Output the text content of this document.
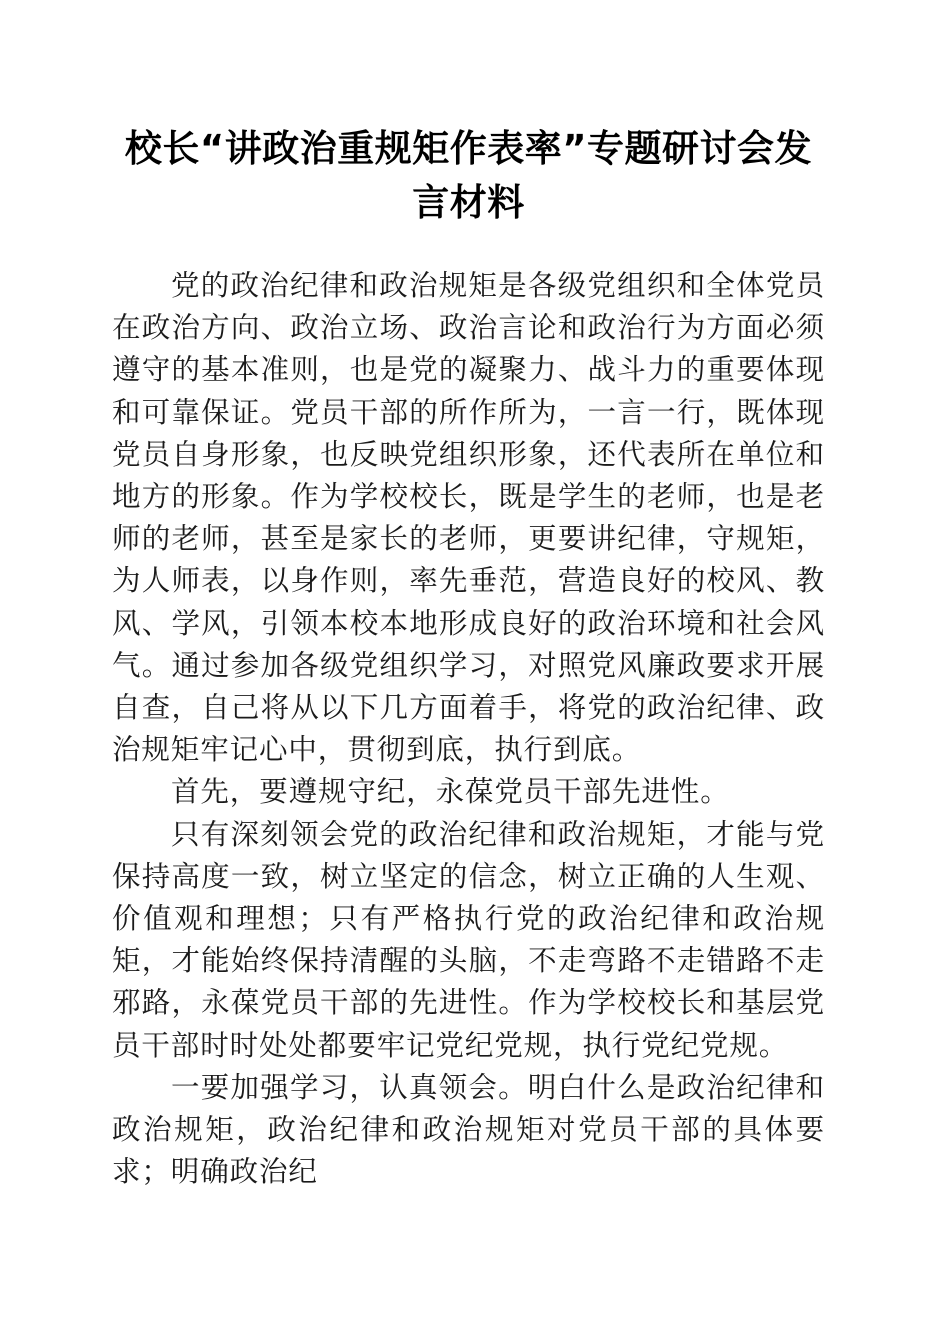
校长“讲政治重规矩作表率”专题研讨会发言材料

党的政治纪律和政治规矩是各级党组织和全体党员在政治方向、政治立场、政治言论和政治行为方面必须遵守的基本准则，也是党的凝聚力、战斗力的重要体现和可靠保证。党员干部的所作所为，一言一行，既体现党员自身形象，也反映党组织形象，还代表所在单位和地方的形象。作为学校校长，既是学生的老师，也是老师的老师，甚至是家长的老师，更要讲纪律，守规矩，为人师表，以身作则，率先垂范，营造良好的校风、教风、学风，引领本校本地形成良好的政治环境和社会风气。通过参加各级党组织学习，对照党风廉政要求开展自查，自己将从以下几方面着手，将党的政治纪律、政治规矩牢记心中，贯彻到底，执行到底。

首先，要遵规守纪，永葆党员干部先进性。

只有深刻领会党的政治纪律和政治规矩，才能与党保持高度一致，树立坚定的信念，树立正确的人生观、价值观和理想；只有严格执行党的政治纪律和政治规矩，才能始终保持清醒的头脑，不走弯路不走错路不走邪路，永葆党员干部的先进性。作为学校校长和基层党员干部时时处处都要牢记党纪党规，执行党纪党规。

一要加强学习，认真领会。明白什么是政治纪律和政治规矩，政治纪律和政治规矩对党员干部的具体要求；明确政治纪
